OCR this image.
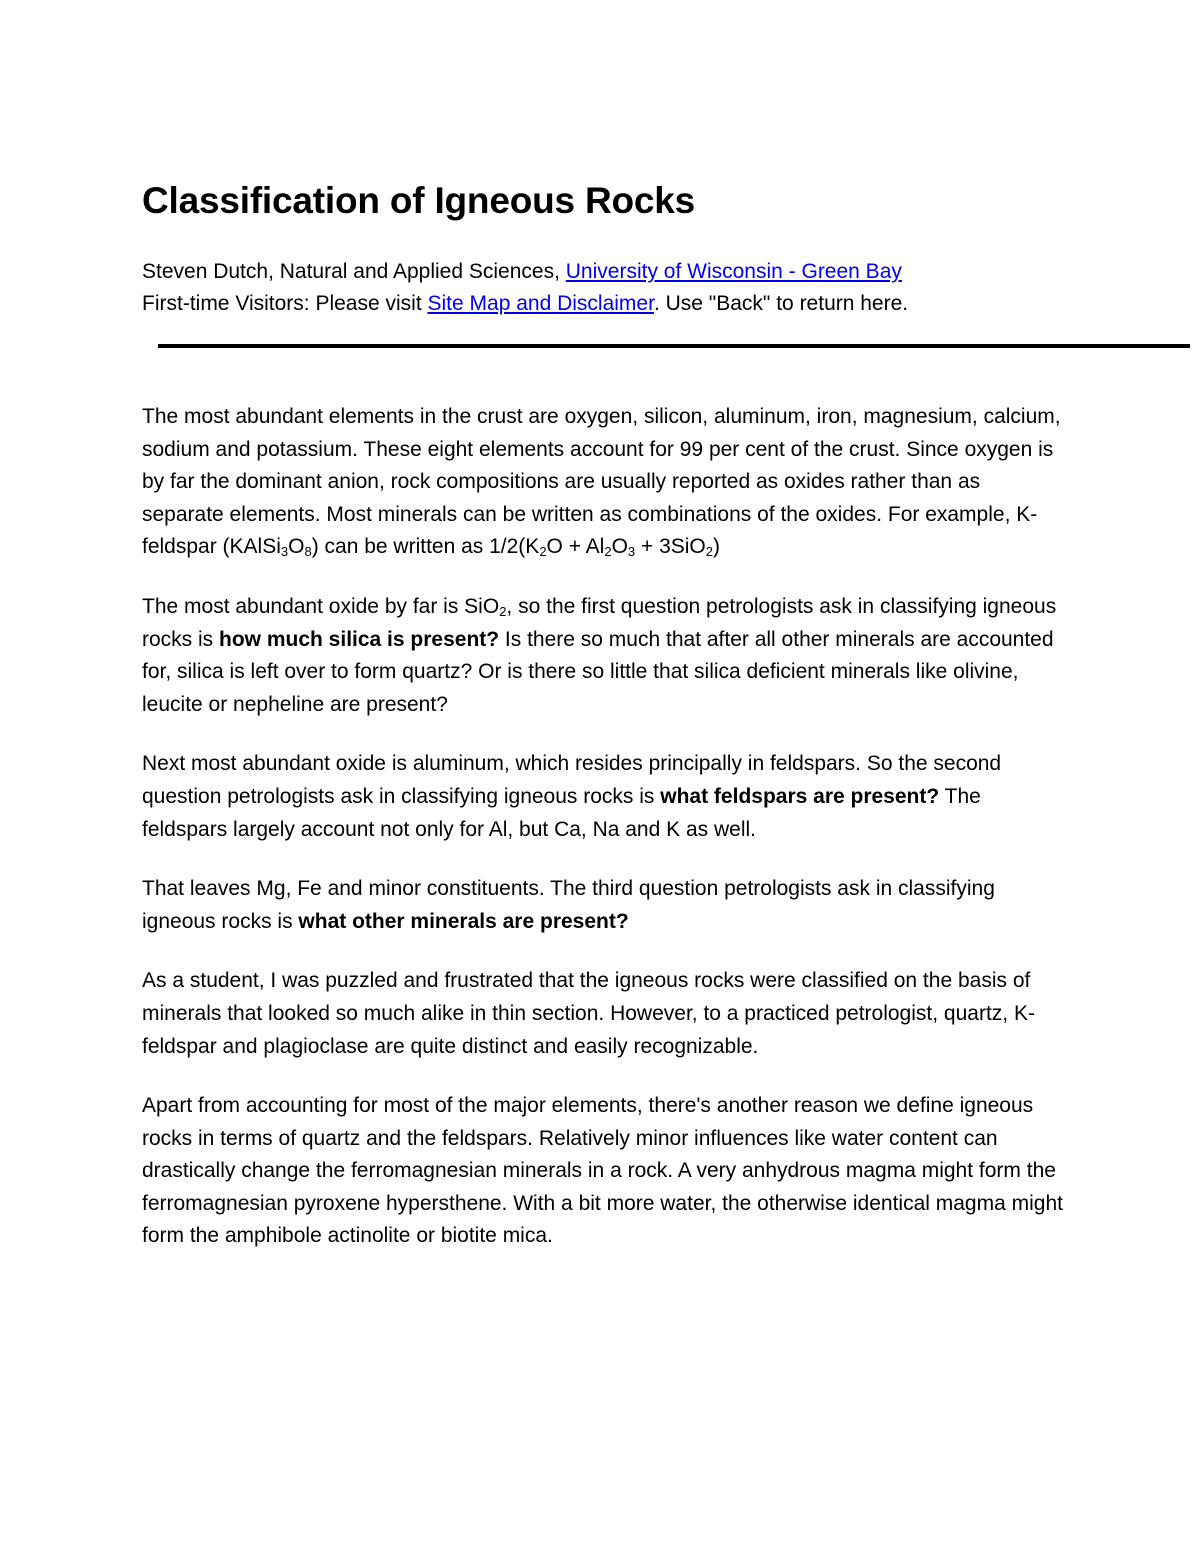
Classification of Igneous Rocks
Steven Dutch, Natural and Applied Sciences, University of Wisconsin - Green Bay
First-time Visitors: Please visit Site Map and Disclaimer. Use "Back" to return here.

The most abundant elements in the crust are oxygen, silicon, aluminum, iron, magnesium, calcium, sodium and potassium. These eight elements account for 99 per cent of the crust. Since oxygen is by far the dominant anion, rock compositions are usually reported as oxides rather than as separate elements. Most minerals can be written as combinations of the oxides. For example, K-feldspar $(KAlSi_3O_8)$ can be written as $1/2(K_2O + Al_2O_3 + 3SiO_2)$

The most abundant oxide by far is SiO$_2$, so the first question petrologists ask in classifying igneous rocks is how much silica is present? Is there so much that after all other minerals are accounted for, silica is left over to form quartz? Or is there so little that silica deficient minerals like olivine, leucite or nepheline are present?

Next most abundant oxide is aluminum, which resides principally in feldspars. So the second question petrologists ask in classifying igneous rocks is what feldspars are present? The feldspars largely account not only for Al, but Ca, Na and K as well.

That leaves Mg, Fe and minor constituents. The third question petrologists ask in classifying igneous rocks is what other minerals are present?

As a student, I was puzzled and frustrated that the igneous rocks were classified on the basis of minerals that looked so much alike in thin section. However, to a practiced petrologist, quartz, K-feldspar and plagioclase are quite distinct and easily recognizable.

Apart from accounting for most of the major elements, there's another reason we define igneous rocks in terms of quartz and the feldspars. Relatively minor influences like water content can drastically change the ferromagnesian minerals in a rock. A very anhydrous magma might form the ferromagnesian pyroxene hypersthene. With a bit more water, the otherwise identical magma might form the amphibole actinolite or biotite mica.
